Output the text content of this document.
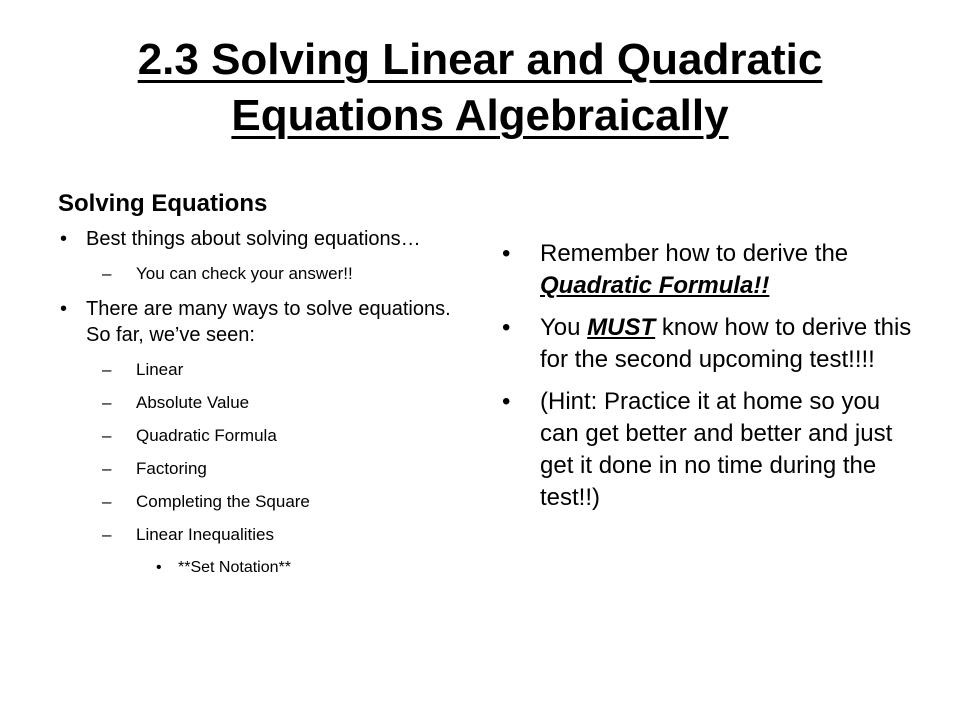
2.3 Solving Linear and Quadratic
Equations Algebraically
Solving Equations
• Best things about solving equations…
– You can check your answer!!
• There are many ways to solve equations. So far, we’ve seen:
– Linear
– Absolute Value
– Quadratic Formula
– Factoring
– Completing the Square
– Linear Inequalities
• **Set Notation**
• Remember how to derive the Quadratic Formula!!
• You MUST know how to derive this for the second upcoming test!!!!
• (Hint: Practice it at home so you can get better and better and just get it done in no time during the test!!)
